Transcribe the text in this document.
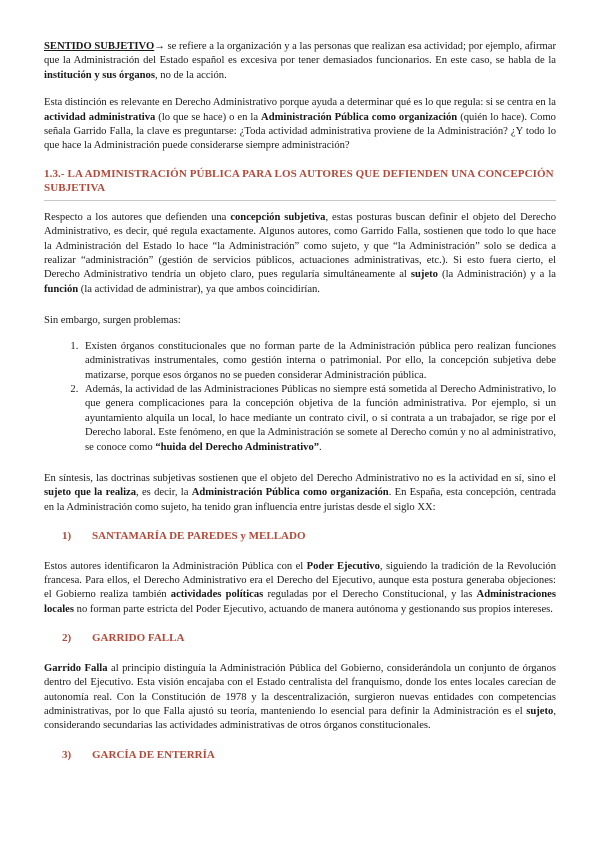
SENTIDO SUBJETIVO→ se refiere a la organización y a las personas que realizan esa actividad; por ejemplo, afirmar que la Administración del Estado español es excesiva por tener demasiados funcionarios. En este caso, se habla de la institución y sus órganos, no de la acción.

Esta distinción es relevante en Derecho Administrativo porque ayuda a determinar qué es lo que regula: si se centra en la actividad administrativa (lo que se hace) o en la Administración Pública como organización (quién lo hace). Como señala Garrido Falla, la clave es preguntarse: ¿Toda actividad administrativa proviene de la Administración? ¿Y todo lo que hace la Administración puede considerarse siempre administración?

1.3.- LA ADMINISTRACIÓN PÚBLICA PARA LOS AUTORES QUE DEFIENDEN UNA CONCEPCIÓN SUBJETIVA

Respecto a los autores que defienden una concepción subjetiva, estas posturas buscan definir el objeto del Derecho Administrativo, es decir, qué regula exactamente. Algunos autores, como Garrido Falla, sostienen que todo lo que hace la Administración del Estado lo hace “la Administración” como sujeto, y que “la Administración” solo se dedica a realizar “administración” (gestión de servicios públicos, actuaciones administrativas, etc.). Si esto fuera cierto, el Derecho Administrativo tendría un objeto claro, pues regularía simultáneamente al sujeto (la Administración) y a la función (la actividad de administrar), ya que ambos coincidirían.

Sin embargo, surgen problemas:

1. Existen órganos constitucionales que no forman parte de la Administración pública pero realizan funciones administrativas instrumentales, como gestión interna o patrimonial. Por ello, la concepción subjetiva debe matizarse, porque esos órganos no se pueden considerar Administración pública.
2. Además, la actividad de las Administraciones Públicas no siempre está sometida al Derecho Administrativo, lo que genera complicaciones para la concepción objetiva de la función administrativa. Por ejemplo, si un ayuntamiento alquila un local, lo hace mediante un contrato civil, o si contrata a un trabajador, se rige por el Derecho laboral. Este fenómeno, en que la Administración se somete al Derecho común y no al administrativo, se conoce como “huida del Derecho Administrativo”.

En síntesis, las doctrinas subjetivas sostienen que el objeto del Derecho Administrativo no es la actividad en sí, sino el sujeto que la realiza, es decir, la Administración Pública como organización. En España, esta concepción, centrada en la Administración como sujeto, ha tenido gran influencia entre juristas desde el siglo XX:

1) SANTAMARÍA DE PAREDES y MELLADO

Estos autores identificaron la Administración Pública con el Poder Ejecutivo, siguiendo la tradición de la Revolución francesa. Para ellos, el Derecho Administrativo era el Derecho del Ejecutivo, aunque esta postura generaba objeciones: el Gobierno realiza también actividades políticas reguladas por el Derecho Constitucional, y las Administraciones locales no forman parte estricta del Poder Ejecutivo, actuando de manera autónoma y gestionando sus propios intereses.

2) GARRIDO FALLA

Garrido Falla al principio distinguía la Administración Pública del Gobierno, considerándola un conjunto de órganos dentro del Ejecutivo. Esta visión encajaba con el Estado centralista del franquismo, donde los entes locales carecían de autonomía real. Con la Constitución de 1978 y la descentralización, surgieron nuevas entidades con competencias administrativas, por lo que Falla ajustó su teoría, manteniendo lo esencial para definir la Administración es el sujeto, considerando secundarias las actividades administrativas de otros órganos constitucionales.

3) GARCÍA DE ENTERRÍA
